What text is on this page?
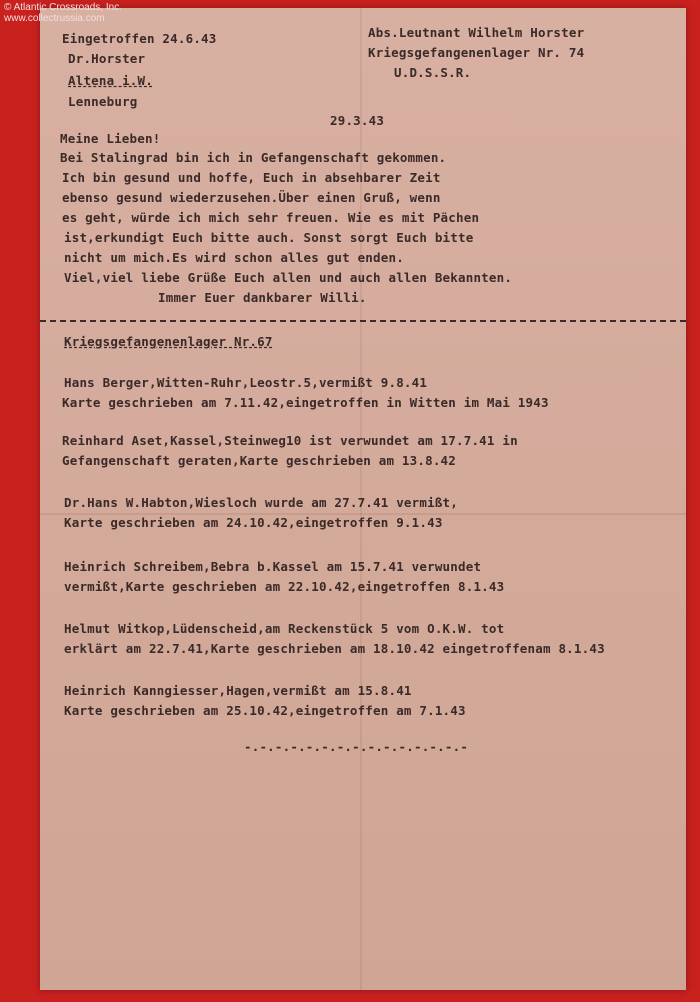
© Atlantic Crossroads, Inc.
www.collectrussia.com
Eingetroffen 24.6.43
Dr.Horster
Altena i.W.
Lenneburg
Abs.Leutnant Wilhelm Horster
Kriegsgefangenenlager Nr. 74
U.D.S.S.R.
29.3.43
Meine Lieben!
Bei Stalingrad bin ich in Gefangenschaft gekommen.
Ich bin gesund und hoffe, Euch in absehbarer Zeit
ebenso gesund wiederzusehen.Über einen Gruß, wenn
es geht, würde ich mich sehr freuen. Wie es mit Pächen
ist,erkundigt Euch bitte auch. Sonst sorgt Euch bitte
nicht um mich.Es wird schon alles gut enden.
Viel,viel liebe Grüße Euch allen und auch allen Bekannten.
Immer Euer dankbarer Willi.
Kriegsgefangenenlager Nr.67
Hans Berger,Witten-Ruhr,Leostr.5,vermißt 9.8.41
Karte geschrieben am 7.11.42,eingetroffen in Witten im Mai 1943
Reinhard Aset,Kassel,Steinweg10 ist verwundet am 17.7.41 in
Gefangenschaft geraten,Karte geschrieben am 13.8.42
Dr.Hans W.Habton,Wiesloch wurde am 27.7.41 vermißt,
Karte geschrieben am 24.10.42,eingetroffen 9.1.43
Heinrich Schreibem,Bebra b.Kassel am 15.7.41 verwundet
vermißt,Karte geschrieben am 22.10.42,eingetroffen 8.1.43
Helmut Witkop,Lüdenscheid,am Reckenstück 5 vom O.K.W. tot
erklärt am 22.7.41,Karte geschrieben am 18.10.42 eingetroffenam 8.1.43
Heinrich Kanngiesser,Hagen,vermißt am 15.8.41
Karte geschrieben am 25.10.42,eingetroffen am 7.1.43
-.-.-.-.-.-.-.-.-.-.-.-.-.-.-
